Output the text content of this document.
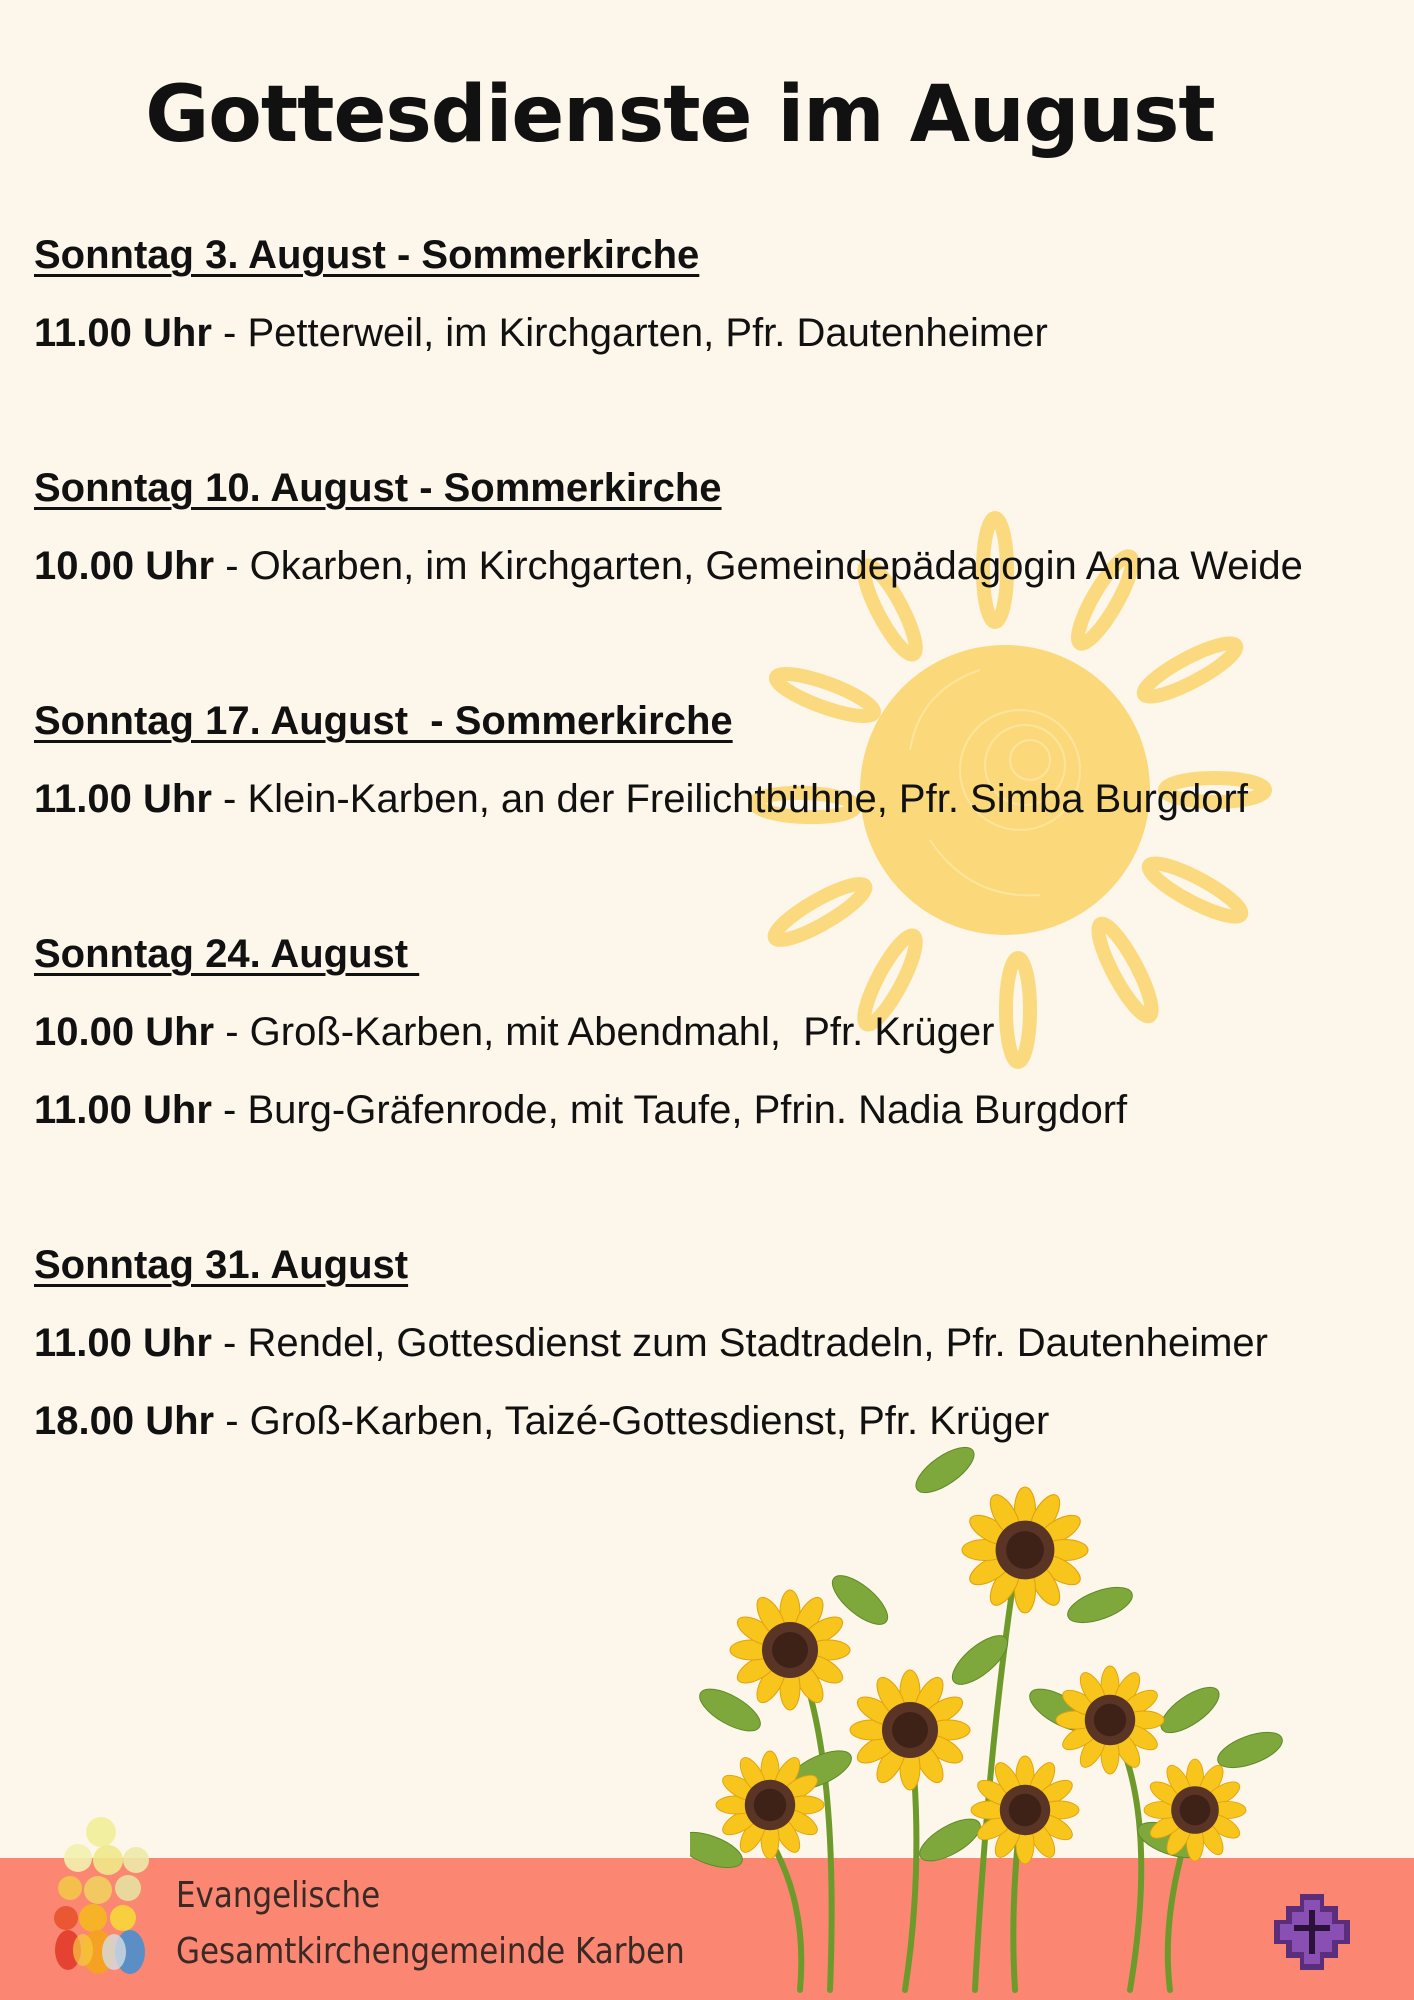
Gottesdienste im August
Sonntag 3. August - Sommerkirche
11.00 Uhr - Petterweil, im Kirchgarten, Pfr. Dautenheimer
Sonntag 10. August - Sommerkirche
10.00 Uhr - Okarben, im Kirchgarten, Gemeindepädagogin Anna Weide
Sonntag 17. August  - Sommerkirche
11.00 Uhr - Klein-Karben, an der Freilichtbühne, Pfr. Simba Burgdorf
Sonntag 24. August
10.00 Uhr - Groß-Karben, mit Abendmahl,  Pfr. Krüger
11.00 Uhr - Burg-Gräfenrode, mit Taufe, Pfrin. Nadia Burgdorf
Sonntag 31. August
11.00 Uhr - Rendel, Gottesdienst zum Stadtradeln, Pfr. Dautenheimer
18.00 Uhr - Groß-Karben, Taizé-Gottesdienst, Pfr. Krüger
Evangelische
Gesamtkirchengemeinde Karben
